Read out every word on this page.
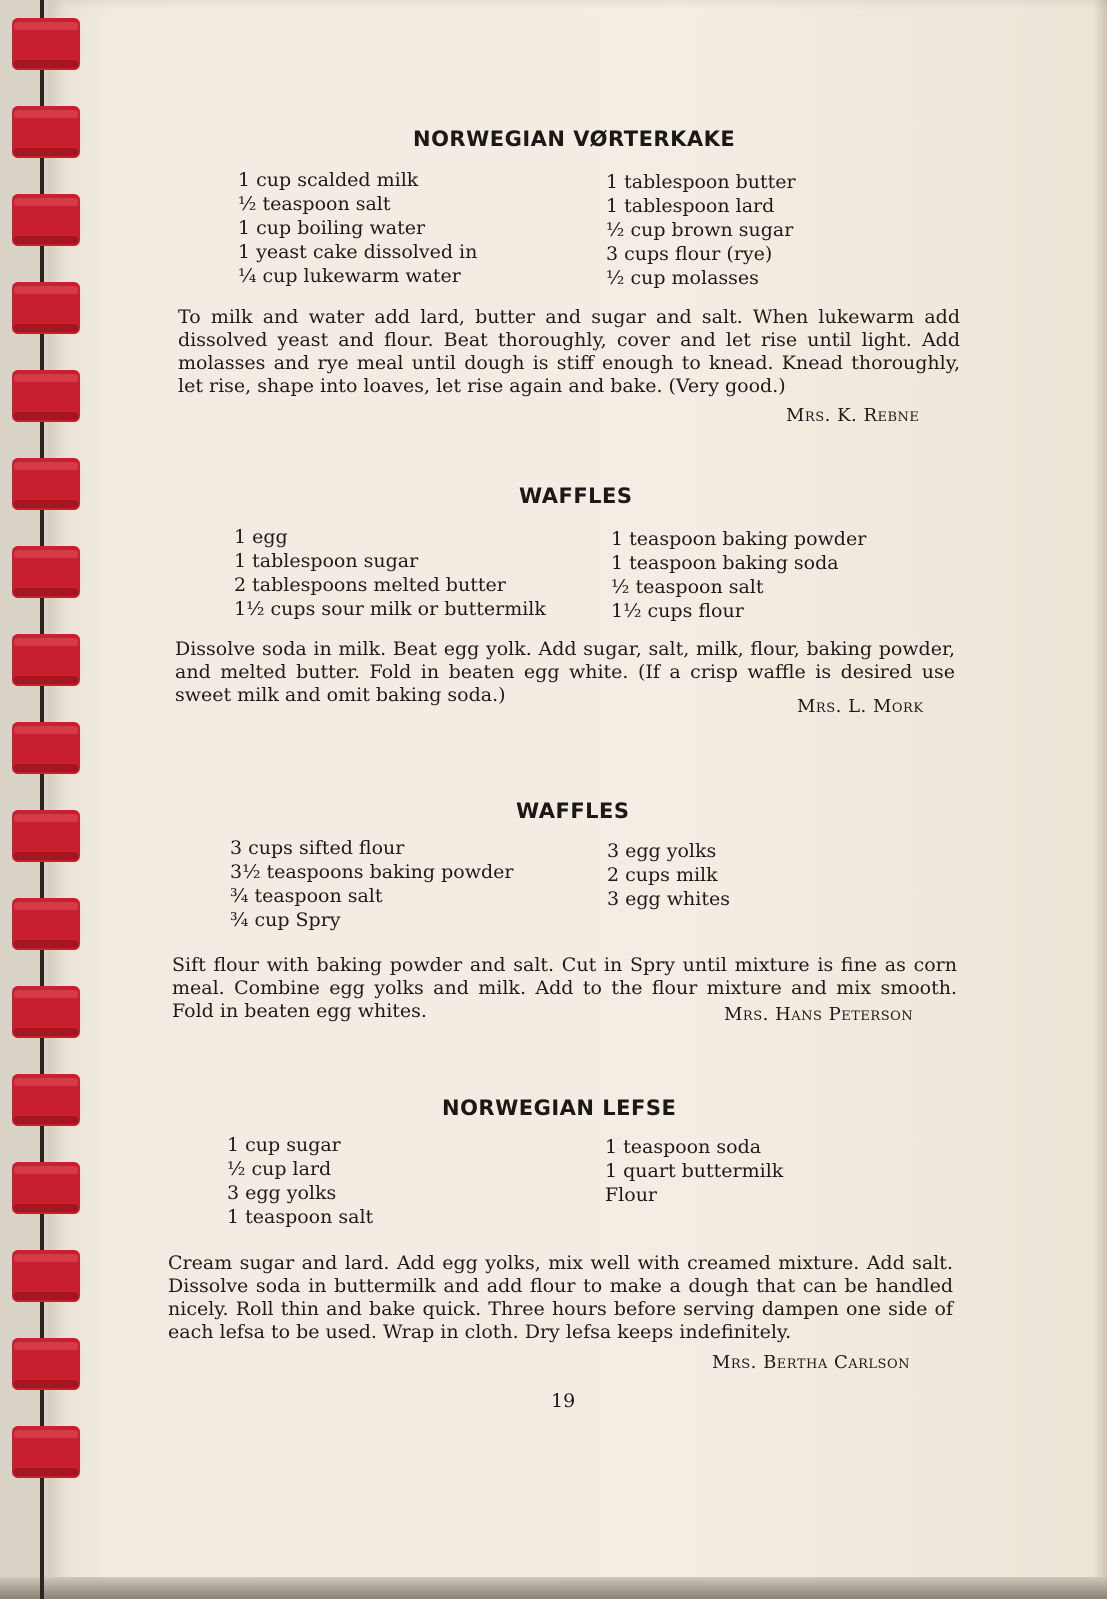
NORWEGIAN VØRTERKAKE
1 cup scalded milk
½ teaspoon salt
1 cup boiling water
1 yeast cake dissolved in
¼ cup lukewarm water
1 tablespoon butter
1 tablespoon lard
½ cup brown sugar
3 cups flour (rye)
½ cup molasses

To milk and water add lard, butter and sugar and salt. When lukewarm add dissolved yeast and flour. Beat thoroughly, cover and let rise until light. Add molasses and rye meal until dough is stiff enough to knead. Knead thoroughly, let rise, shape into loaves, let rise again and bake. (Very good.)

Mrs. K. Rebne
WAFFLES
1 egg
1 tablespoon sugar
2 tablespoons melted butter
1½ cups sour milk or buttermilk
1 teaspoon baking powder
1 teaspoon baking soda
½ teaspoon salt
1½ cups flour

Dissolve soda in milk. Beat egg yolk. Add sugar, salt, milk, flour, baking powder, and melted butter. Fold in beaten egg white. (If a crisp waffle is desired use sweet milk and omit baking soda.)

Mrs. L. Mork
WAFFLES
3 cups sifted flour
3½ teaspoons baking powder
¾ teaspoon salt
¾ cup Spry
3 egg yolks
2 cups milk
3 egg whites

Sift flour with baking powder and salt. Cut in Spry until mixture is fine as corn meal. Combine egg yolks and milk. Add to the flour mixture and mix smooth. Fold in beaten egg whites.	Mrs. Hans Peterson
NORWEGIAN LEFSE
1 cup sugar
½ cup lard
3 egg yolks
1 teaspoon salt
1 teaspoon soda
1 quart buttermilk
Flour

Cream sugar and lard. Add egg yolks, mix well with creamed mixture. Add salt. Dissolve soda in buttermilk and add flour to make a dough that can be handled nicely. Roll thin and bake quick. Three hours before serving dampen one side of each lefsa to be used. Wrap in cloth. Dry lefsa keeps indefinitely.

Mrs. Bertha Carlson
19
